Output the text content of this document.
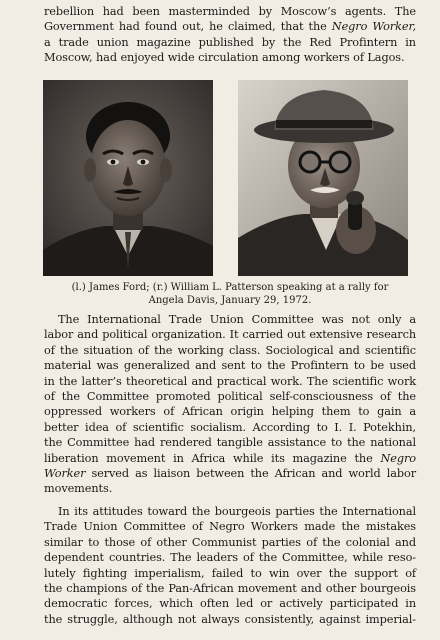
rebellion had been masterminded by Moscow’s agents. The
Government had found out, he claimed, that the Negro Worker,
a trade union magazine published by the Red Profintern in
Moscow, had enjoyed wide circulation among workers of Lagos.
(l.) James Ford; (r.) William L. Patterson speaking at a rally for
Angela Davis, January 29, 1972.
The International Trade Union Committee was not only a
labor and political organization. It carried out extensive research
of the situation of the working class. Sociological and scientific
material was generalized and sent to the Profintern to be used
in the latter’s theoretical and practical work. The scientific work
of the Committee promoted political self-consciousness of the
oppressed workers of African origin helping them to gain a
better idea of scientific socialism. According to I. I. Potekhin,
the Committee had rendered tangible assistance to the national
liberation movement in Africa while its magazine the Negro
Worker served as liaison between the African and world labor
movements.
In its attitudes toward the bourgeois parties the International
Trade Union Committee of Negro Workers made the mistakes
similar to those of other Communist parties of the colonial and
dependent countries. The leaders of the Committee, while reso-
lutely fighting imperialism, failed to win over the support of
the champions of the Pan-African movement and other bourgeois
democratic forces, which often led or actively participated in
the struggle, although not always consistently, against imperial-
